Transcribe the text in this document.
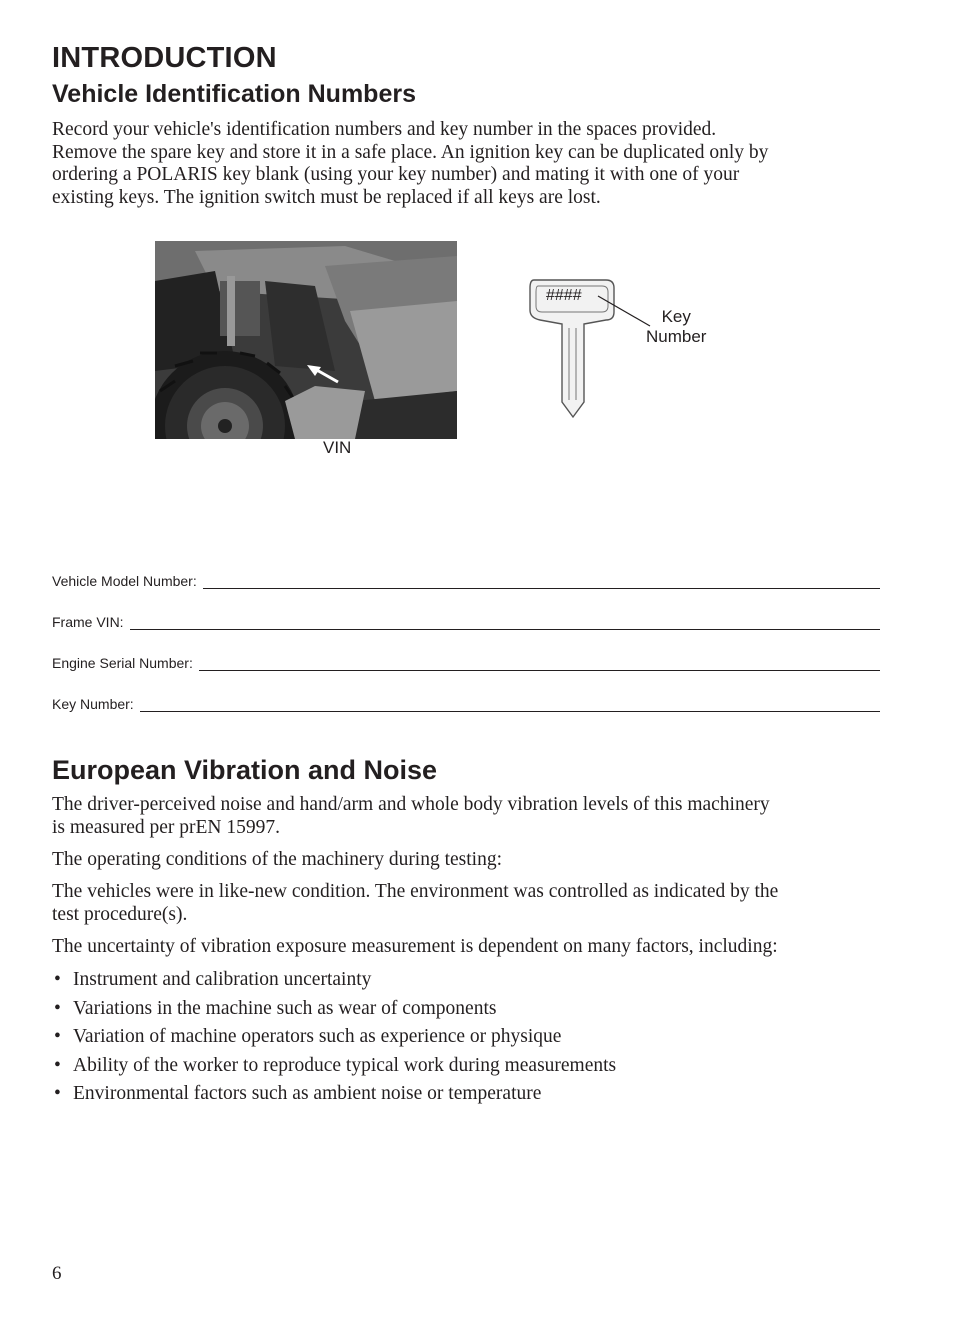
INTRODUCTION
Vehicle Identification Numbers
Record your vehicle's identification numbers and key number in the spaces provided.
Remove the spare key and store it in a safe place. An ignition key can be duplicated only by
ordering a POLARIS key blank (using your key number) and mating it with one of your
existing keys. The ignition switch must be replaced if all keys are lost.
VIN
####
Key
Number
Vehicle Model Number:
Frame VIN:
Engine Serial Number:
Key Number:
European Vibration and Noise
The driver-perceived noise and hand/arm and whole body vibration levels of this machinery
is measured per prEN 15997.
The operating conditions of the machinery during testing:
The vehicles were in like-new condition. The environment was controlled as indicated by the
test procedure(s).
The uncertainty of vibration exposure measurement is dependent on many factors, including:
• Instrument and calibration uncertainty
• Variations in the machine such as wear of components
• Variation of machine operators such as experience or physique
• Ability of the worker to reproduce typical work during measurements
• Environmental factors such as ambient noise or temperature
6
